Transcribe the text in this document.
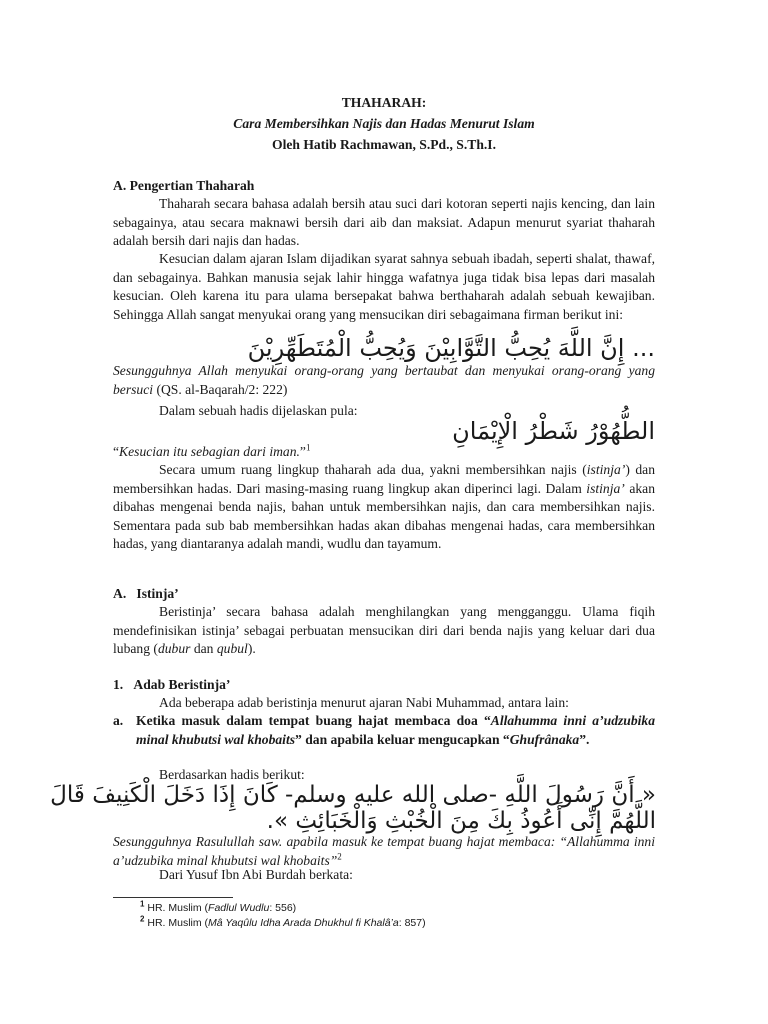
THAHARAH:
Cara Membersihkan Najis dan Hadas Menurut Islam
Oleh Hatib Rachmawan, S.Pd., S.Th.I.
A. Pengertian Thaharah
Thaharah secara bahasa adalah bersih atau suci dari kotoran seperti najis kencing, dan lain sebagainya, atau secara maknawi bersih dari aib dan maksiat. Adapun menurut syariat thaharah adalah bersih dari najis dan hadas.
Kesucian dalam ajaran Islam dijadikan syarat sahnya sebuah ibadah, seperti shalat, thawaf, dan sebagainya. Bahkan manusia sejak lahir hingga wafatnya juga tidak bisa lepas dari masalah kesucian. Oleh karena itu para ulama bersepakat bahwa berthaharah adalah sebuah kewajiban. Sehingga Allah sangat menyukai orang yang mensucikan diri sebagaimana firman berikut ini:
... إِنَّ اللَّهَ يُحِبُّ التَّوَّابِيْنَ وَيُحِبُّ الْمُتَطَهِّرِيْنَ
Sesungguhnya Allah menyukai orang-orang yang bertaubat dan menyukai orang-orang yang bersuci (QS. al-Baqarah/2: 222)
Dalam sebuah hadis dijelaskan pula:
الطُّهُوْرُ شَطْرُ الْإِيْمَانِ
“Kesucian itu sebagian dari iman.”$^1$
Secara umum ruang lingkup thaharah ada dua, yakni membersihkan najis (istinja’) dan membersihkan hadas. Dari masing-masing ruang lingkup akan diperinci lagi. Dalam istinja’ akan dibahas mengenai benda najis, bahan untuk membersihkan najis, dan cara membersihkan najis. Sementara pada sub bab membersihkan hadas akan dibahas mengenai hadas, cara membersihkan hadas, yang diantaranya adalah mandi, wudlu dan tayamum.
A.   Istinja’
Beristinja’ secara bahasa adalah menghilangkan yang mengganggu. Ulama fiqih mendefinisikan istinja’ sebagai perbuatan mensucikan diri dari benda najis yang keluar dari dua lubang (dubur dan qubul).
1.   Adab Beristinja’
Ada beberapa adab beristinja menurut ajaran Nabi Muhammad, antara lain:
a. Ketika masuk dalam tempat buang hajat membaca doa “Allahumma inni a’udzubika minal khubutsi wal khobaits” dan apabila keluar mengucapkan “Ghufrânaka”.
Berdasarkan hadis berikut:
« أَنَّ رَسُولَ اللَّهِ -صلى الله عليه وسلم- كَانَ إِذَا دَخَلَ الْكَنِيفَ قَالَ
اللَّهُمَّ إِنِّى أَعُوذُ بِكَ مِنَ الْخُبْثِ وَالْخَبَائِثِ ».
Sesungguhnya Rasulullah saw. apabila masuk ke tempat buang hajat membaca: “Allahumma inni a’udzubika minal khubutsi wal khobaits”$^2$
Dari Yusuf Ibn Abi Burdah berkata:
$^1$ HR. Muslim (Fadlul Wudlu: 556)
$^2$ HR. Muslim (Mâ Yaqûlu Idha Arada Dhukhul fi Khalâ’a: 857)
